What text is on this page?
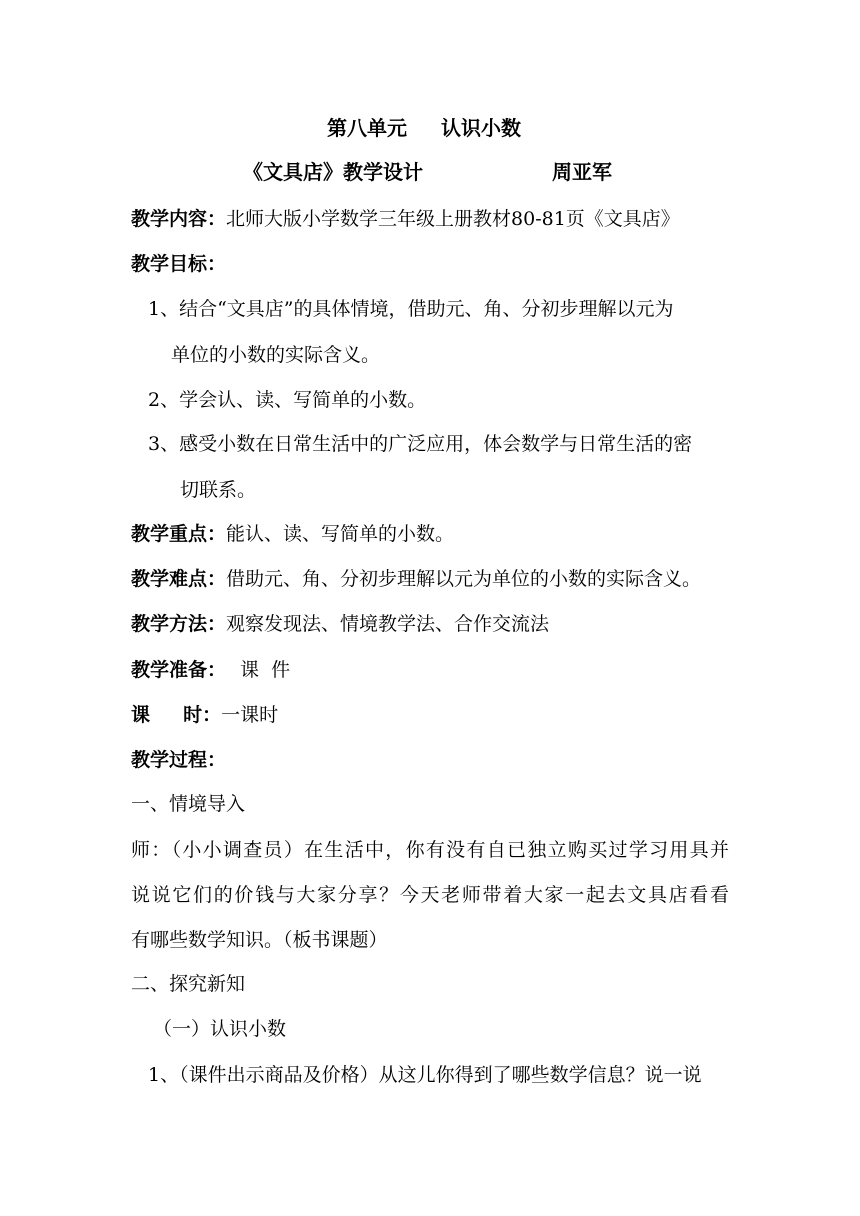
第八单元 认识小数
《文具店》教学设计	周亚军
教学内容：北师大版小学数学三年级上册教材80-81页《文具店》
教学目标：
1、结合“文具店”的具体情境，借助元、角、分初步理解以元为
单位的小数的实际含义。
2、学会认、读、写简单的小数。
3、感受小数在日常生活中的广泛应用，体会数学与日常生活的密
切联系。
教学重点：能认、读、写简单的小数。
教学难点：借助元、角、分初步理解以元为单位的小数的实际含义。
教学方法：观察发现法、情境教学法、合作交流法
教学准备： 课  件
课     时：一课时
教学过程：
一、情境导入
师：（小小调查员）在生活中，你有没有自已独立购买过学习用具并
说说它们的价钱与大家分享？今天老师带着大家一起去文具店看看
有哪些数学知识。（板书课题）
二、探究新知
（一）认识小数
1、（课件出示商品及价格）从这儿你得到了哪些数学信息？说一说
